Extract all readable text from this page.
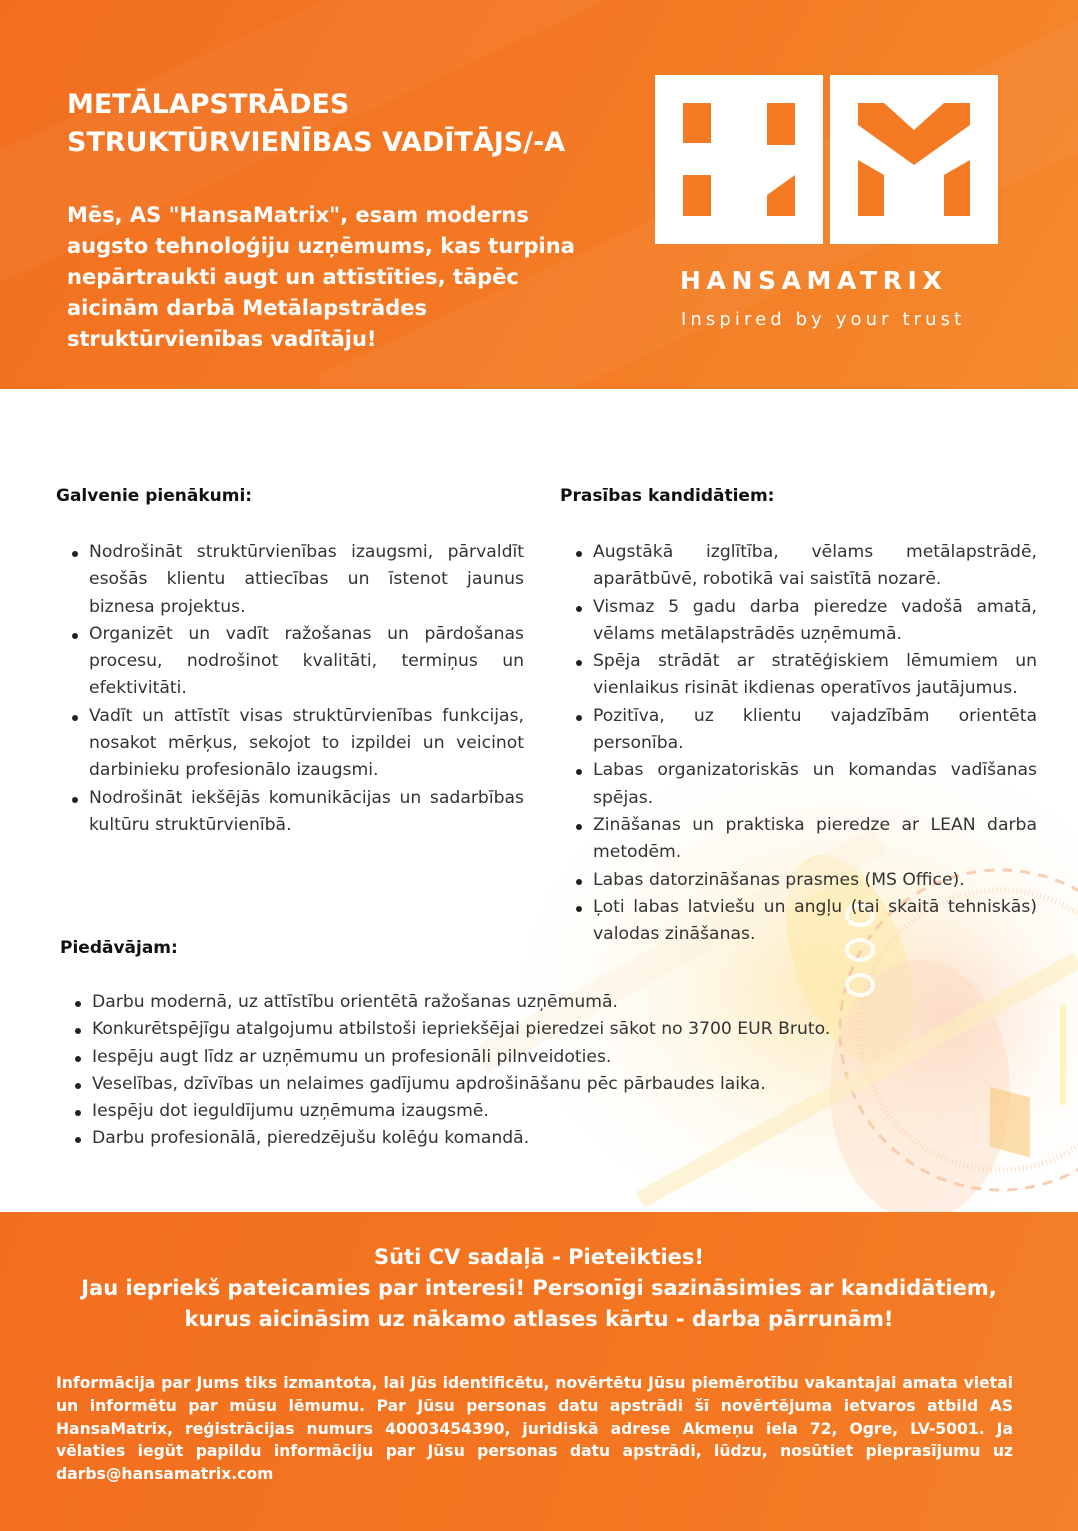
METĀLAPSTRĀDES
STRUKTŪRVIENĪBAS VADĪTĀJS/-A

Mēs, AS "HansaMatrix", esam moderns
augsto tehnoloģiju uzņēmums, kas turpina
nepārtraukti augt un attīstīties, tāpēc
aicinām darbā Metālapstrādes
struktūrvienības vadītāju!

HANSAMATRIX

Inspired by your trust

Galvenie pienākumi:
Nodrošināt struktūrvienības izaugsmi, pārvaldīt esošās klientu attiecības un īstenot jaunus biznesa projektus.
Organizēt un vadīt ražošanas un pārdošanas procesu, nodrošinot kvalitāti, termiņus un efektivitāti.
Vadīt un attīstīt visas struktūrvienības funkcijas, nosakot mērķus, sekojot to izpildei un veicinot darbinieku profesionālo izaugsmi.
Nodrošināt iekšējās komunikācijas un sadarbības kultūru struktūrvienībā.
Prasības kandidātiem:
Augstākā izglītība, vēlams metālapstrādē, aparātbūvē, robotikā vai saistītā nozarē.
Vismaz 5 gadu darba pieredze vadošā amatā, vēlams metālapstrādēs uzņēmumā.
Spēja strādāt ar stratēģiskiem lēmumiem un vienlaikus risināt ikdienas operatīvos jautājumus.
Pozitīva, uz klientu vajadzībām orientēta personība.
Labas organizatoriskās un komandas vadīšanas spējas.
Zināšanas un praktiska pieredze ar LEAN darba metodēm.
Labas datorzināšanas prasmes (MS Office).
Ļoti labas latviešu un angļu (tai skaitā tehniskās) valodas zināšanas.
Piedāvājam:
Darbu modernā, uz attīstību orientētā ražošanas uzņēmumā.
Konkurētspējīgu atalgojumu atbilstoši iepriekšējai pieredzei sākot no 3700 EUR Bruto.
Iespēju augt līdz ar uzņēmumu un profesionāli pilnveidoties.
Veselības, dzīvības un nelaimes gadījumu apdrošināšanu pēc pārbaudes laika.
Iespēju dot ieguldījumu uzņēmuma izaugsmē.
Darbu profesionālā, pieredzējušu kolēģu komandā.

Sūti CV sadaļā - Pieteikties!
Jau iepriekš pateicamies par interesi! Personīgi sazināsimies ar kandidātiem,
kurus aicināsim uz nākamo atlases kārtu - darba pārrunām!

Informācija par Jums tiks izmantota, lai Jūs identificētu, novērtētu Jūsu piemērotību vakantajai amata vietai un informētu par mūsu lēmumu. Par Jūsu personas datu apstrādi šī novērtējuma ietvaros atbild AS HansaMatrix, reģistrācijas numurs 40003454390, juridiskā adrese Akmeņu iela 72, Ogre, LV-5001. Ja vēlaties iegūt papildu informāciju par Jūsu personas datu apstrādi, lūdzu, nosūtiet pieprasījumu uz darbs@hansamatrix.com
